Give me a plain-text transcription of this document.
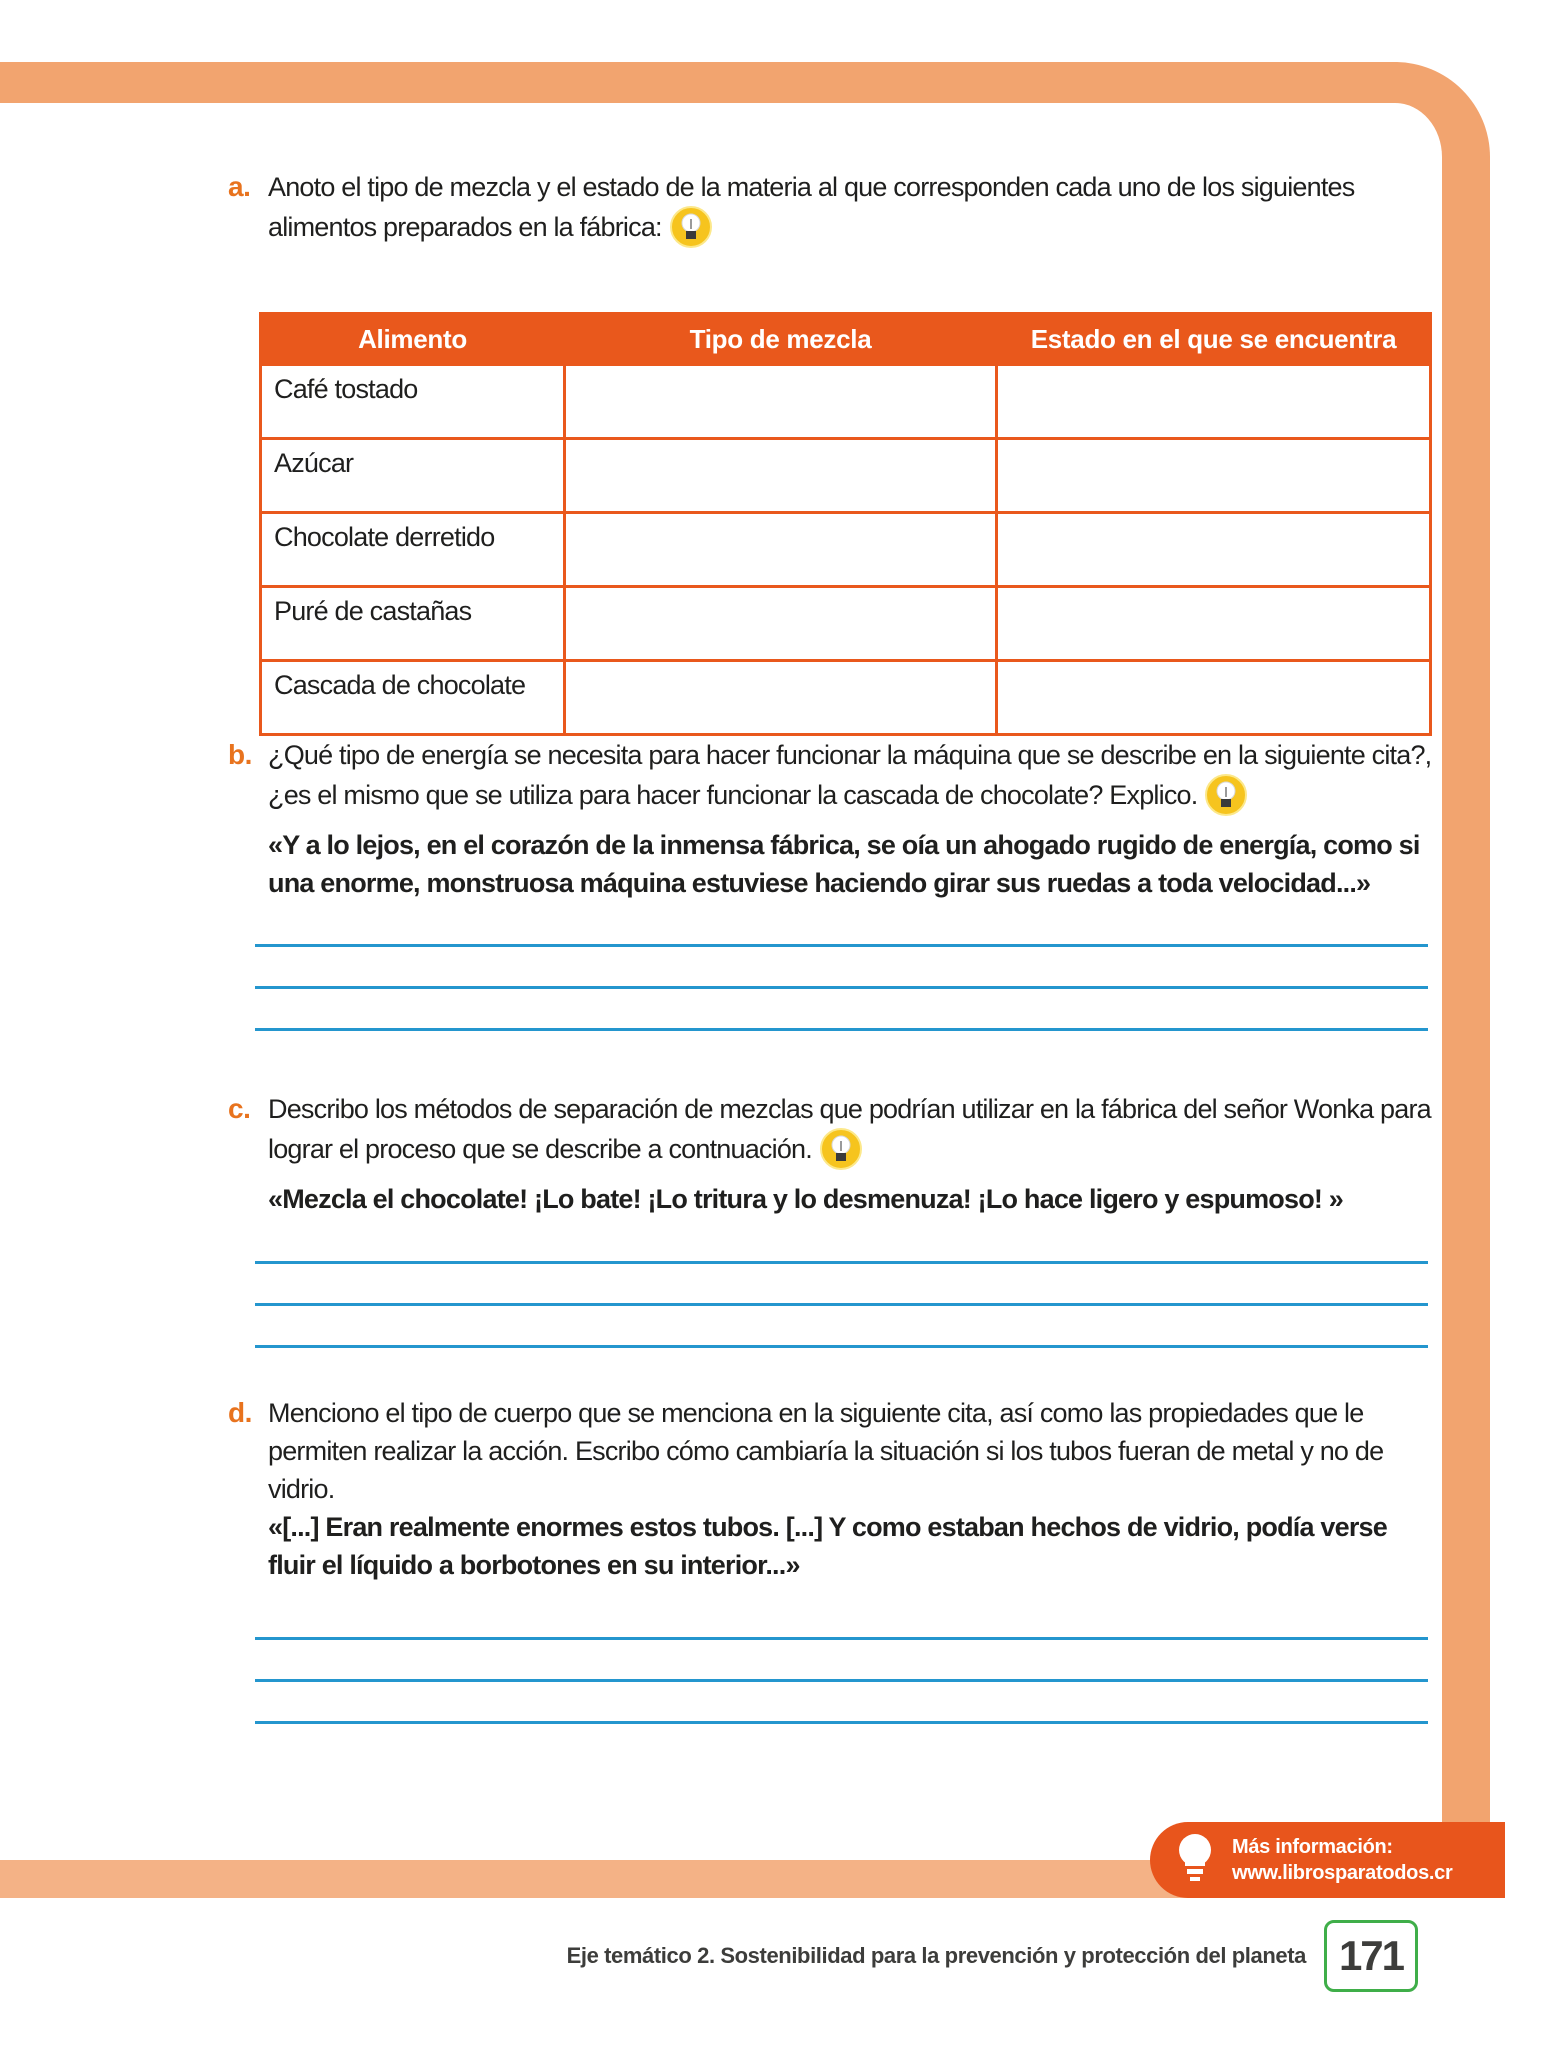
a. Anoto el tipo de mezcla y el estado de la materia al que corresponden cada uno de los siguientes alimentos preparados en la fábrica:

Alimento	Tipo de mezcla	Estado en el que se encuentra
Café tostado		
Azúcar		
Chocolate derretido		
Puré de castañas		
Cascada de chocolate		
b. ¿Qué tipo de energía se necesita para hacer funcionar la máquina que se describe en la siguiente cita?, ¿es el mismo que se utiliza para hacer funcionar la cascada de chocolate? Explico.

«Y a lo lejos, en el corazón de la inmensa fábrica, se oía un ahogado rugido de energía, como si una enorme, monstruosa máquina estuviese haciendo girar sus ruedas a toda velocidad...»

c. Describo los métodos de separación de mezclas que podrían utilizar en la fábrica del señor Wonka para lograr el proceso que se describe a contnuación.

«Mezcla el chocolate! ¡Lo bate! ¡Lo tritura y lo desmenuza! ¡Lo hace ligero y espumoso! »

d. Menciono el tipo de cuerpo que se menciona en la siguiente cita, así como las propiedades que le permiten realizar la acción. Escribo cómo cambiaría la situación si los tubos fueran de metal y no de vidrio.

«[...] Eran realmente enormes estos tubos. [...] Y como estaban hechos de vidrio, podía verse fluir el líquido a borbotones en su interior...»

Más información:
www.librosparatodos.cr
Eje temático 2. Sostenibilidad para la prevención y protección del planeta 171
